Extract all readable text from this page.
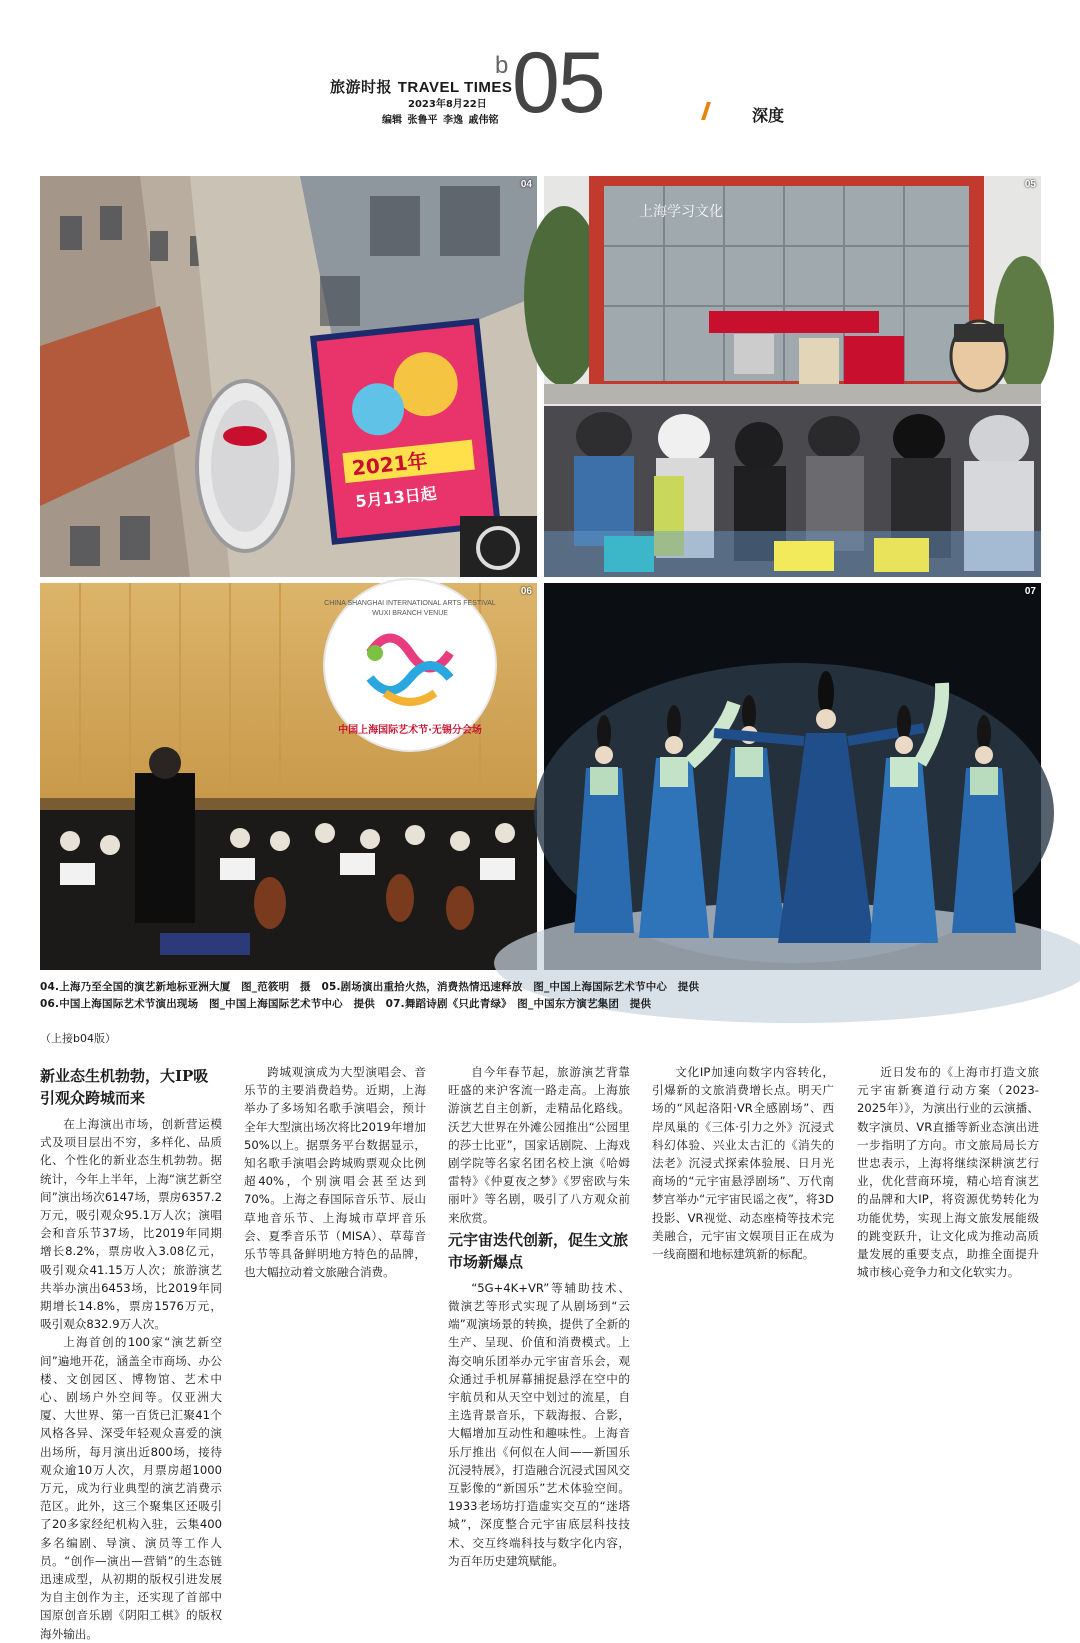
旅游时报 TRAVEL TIMES
2023年8月22日
编辑 张鲁平 李逸 戚伟铭
b 05	深度
2021年
5月13日起
04
上海学习文化
05
中国上海国际艺术节·无锡分会场
CHINA SHANGHAI INTERNATIONAL ARTS FESTIVAL
WUXI BRANCH VENUE
06	07
04.上海乃至全国的演艺新地标亚洲大厦　图_范筱明　摄　05.剧场演出重拾火热，消费热情迅速释放　图_中国上海国际艺术节中心　提供
06.中国上海国际艺术节演出现场　图_中国上海国际艺术节中心　提供　07.舞蹈诗剧《只此青绿》　图_中国东方演艺集团　提供
（上接b04版）
新业态生机勃勃，大IP吸引观众跨城而来

在上海演出市场，创新营运模式及项目层出不穷，多样化、品质化、个性化的新业态生机勃勃。据统计，今年上半年，上海“演艺新空间”演出场次6147场，票房6357.2万元，吸引观众95.1万人次；演唱会和音乐节37场，比2019年同期增长8.2%，票房收入3.08亿元，吸引观众41.15万人次；旅游演艺共举办演出6453场，比2019年同期增长14.8%，票房1576万元，吸引观众832.9万人次。

上海首创的100家“演艺新空间”遍地开花，涵盖全市商场、办公楼、文创园区、博物馆、艺术中心、剧场户外空间等。仅亚洲大厦、大世界、第一百货已汇聚41个风格各异、深受年轻观众喜爱的演出场所，每月演出近800场，接待观众逾10万人次，月票房超1000万元，成为行业典型的演艺消费示范区。此外，这三个聚集区还吸引了20多家经纪机构入驻，云集400多名编剧、导演、演员等工作人员。“创作—演出—营销”的生态链迅速成型，从初期的版权引进发展为自主创作为主，还实现了首部中国原创音乐剧《阴阳工棋》的版权海外输出。

跨城观演成为大型演唱会、音乐节的主要消费趋势。近期，上海举办了多场知名歌手演唱会，预计全年大型演出场次将比2019年增加50%以上。据票务平台数据显示，知名歌手演唱会跨城购票观众比例超40%，个别演唱会甚至达到70%。上海之春国际音乐节、辰山草地音乐节、上海城市草坪音乐会、夏季音乐节（MISA）、草莓音乐节等具备鲜明地方特色的品牌，也大幅拉动着文旅融合消费。

自今年春节起，旅游演艺背靠旺盛的来沪客流一路走高。上海旅游演艺自主创新，走精品化路线。沃艺大世界在外滩公园推出“公园里的莎士比亚”，国家话剧院、上海戏剧学院等名家名团名校上演《哈姆雷特》《仲夏夜之梦》《罗密欧与朱丽叶》等名剧，吸引了八方观众前来欣赏。

元宇宙迭代创新，促生文旅市场新爆点

“5G+4K+VR”等辅助技术、微演艺等形式实现了从剧场到“云端”观演场景的转换，提供了全新的生产、呈现、价值和消费模式。上海交响乐团举办元宇宙音乐会，观众通过手机屏幕捕捉悬浮在空中的宇航员和从天空中划过的流星，自主选背景音乐，下载海报、合影，大幅增加互动性和趣味性。上海音乐厅推出《何似在人间——新国乐沉浸特展》，打造融合沉浸式国风交互影像的“新国乐”艺术体验空间。1933老场坊打造虚实交互的“迷塔城”，深度整合元宇宙底层科技技术、交互终端科技与数字化内容，为百年历史建筑赋能。

文化IP加速向数字内容转化，引爆新的文旅消费增长点。明天广场的“风起洛阳·VR全感剧场”、西岸凤巢的《三体·引力之外》沉浸式科幻体验、兴业太古汇的《消失的法老》沉浸式探索体验展、日月光商场的“元宇宙悬浮剧场”、万代南梦宫举办“元宇宙民谣之夜”，将3D投影、VR视觉、动态座椅等技术完美融合，元宇宙文娱项目正在成为一线商圈和地标建筑新的标配。

近日发布的《上海市打造文旅元宇宙新赛道行动方案（2023-2025年）》，为演出行业的云演播、数字演员、VR直播等新业态演出进一步指明了方向。市文旅局局长方世忠表示，上海将继续深耕演艺行业，优化营商环境，精心培育演艺的品牌和大IP，将资源优势转化为功能优势，实现上海文旅发展能级的跳变跃升，让文化成为推动高质量发展的重要支点，助推全面提升城市核心竞争力和文化软实力。
